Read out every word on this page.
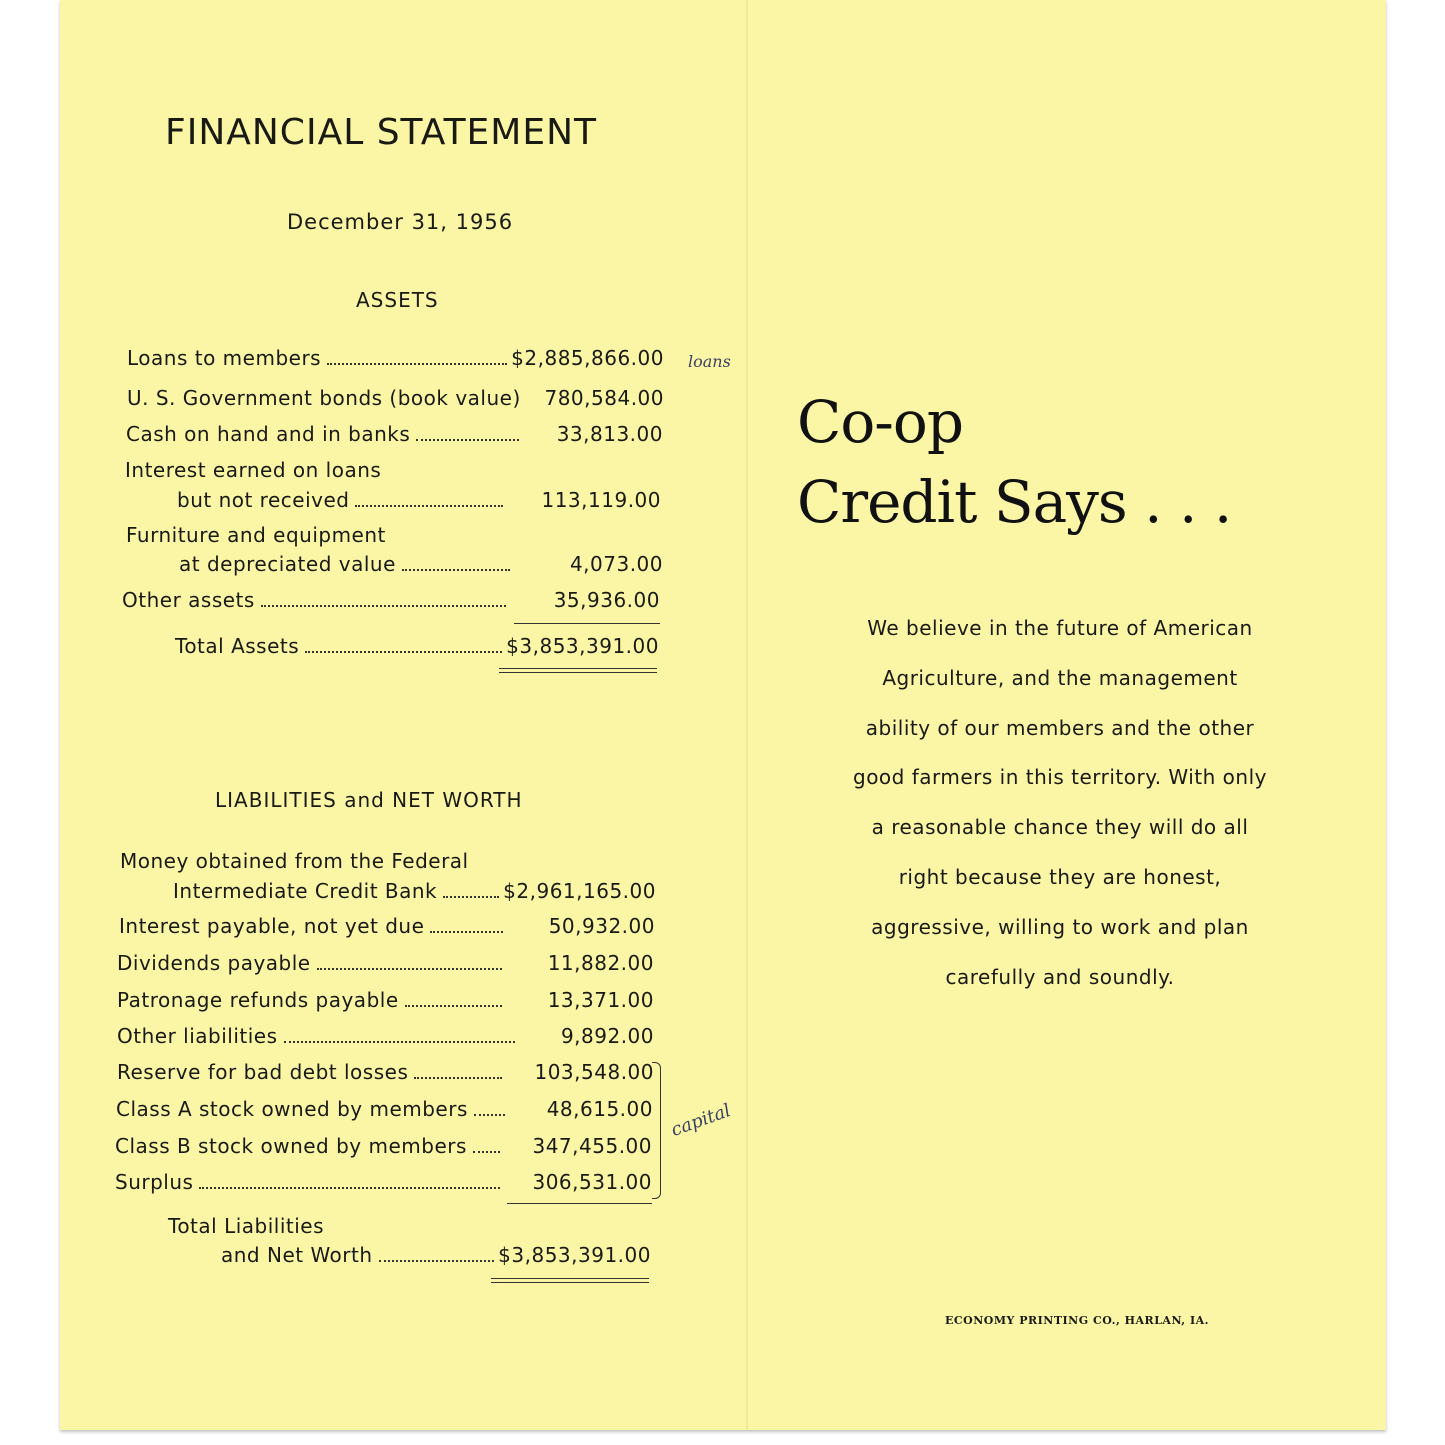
FINANCIAL STATEMENT
December 31, 1956
ASSETS
Loans to members	$2,885,866.00
U. S. Government bonds (book value) 780,584.00
Cash on hand and in banks	33,813.00
Interest earned on loans
but not received	113,119.00
Furniture and equipment
at depreciated value	4,073.00
Other assets	35,936.00
Total Assets	$3,853,391.00
loans
LIABILITIES and NET WORTH
Money obtained from the Federal
Intermediate Credit Bank	$2,961,165.00
Interest payable, not yet due	50,932.00
Dividends payable	11,882.00
Patronage refunds payable	13,371.00
Other liabilities	9,892.00
Reserve for bad debt losses	103,548.00
Class A stock owned by members	48,615.00
Class B stock owned by members	347,455.00
Surplus	306,531.00
capital
Total Liabilities
and Net Worth	$3,853,391.00
Co-op
Credit Says . . .
We believe in the future of American Agriculture, and the management ability of our members and the other good farmers in this territory. With only a reasonable chance they will do all right because they are honest, aggressive, willing to work and plan carefully and soundly.
ECONOMY PRINTING CO., HARLAN, IA.
